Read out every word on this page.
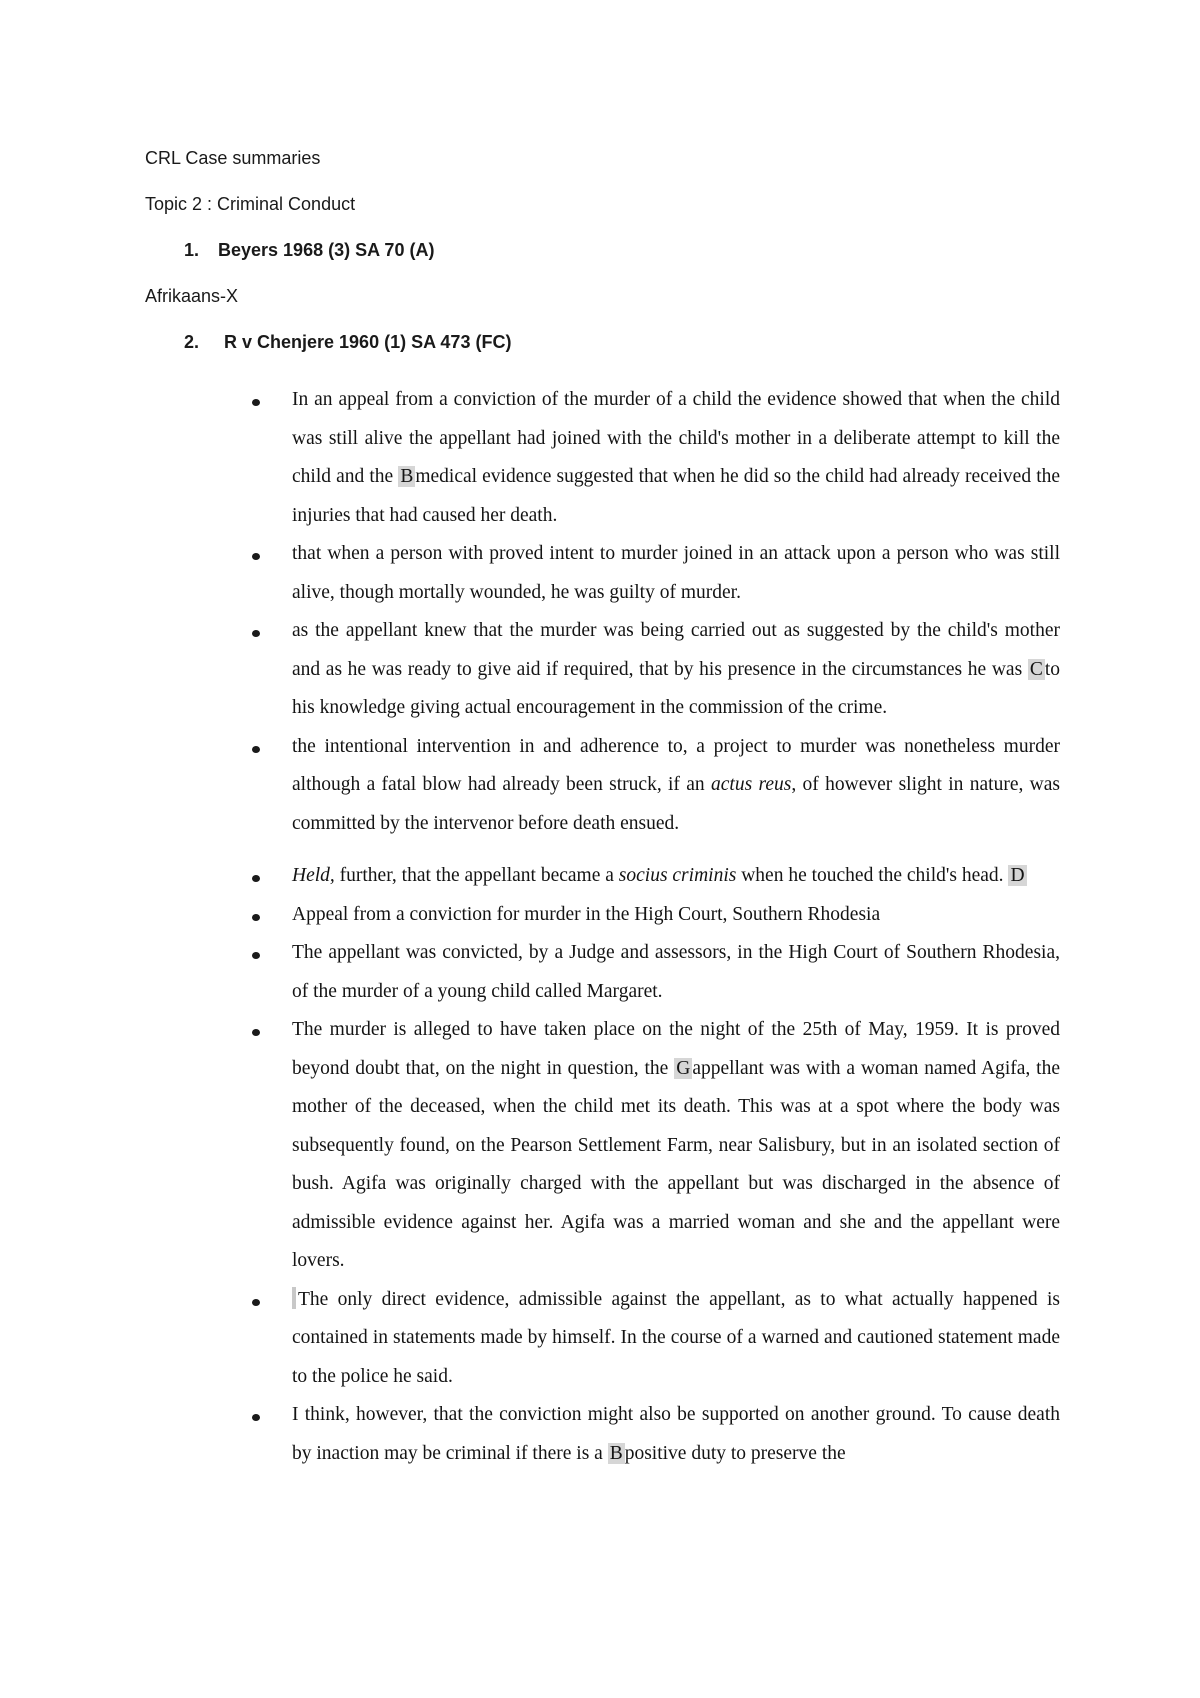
CRL Case summaries
Topic 2 : Criminal Conduct
1. Beyers 1968 (3) SA 70 (A)
Afrikaans-X
2. R v Chenjere 1960 (1) SA 473 (FC)
In an appeal from a conviction of the murder of a child the evidence showed that when the child was still alive the appellant had joined with the child's mother in a deliberate attempt to kill the child and the B medical evidence suggested that when he did so the child had already received the injuries that had caused her death.
that when a person with proved intent to murder joined in an attack upon a person who was still alive, though mortally wounded, he was guilty of murder.
as the appellant knew that the murder was being carried out as suggested by the child's mother and as he was ready to give aid if required, that by his presence in the circumstances he was C to his knowledge giving actual encouragement in the commission of the crime.
the intentional intervention in and adherence to, a project to murder was nonetheless murder although a fatal blow had already been struck, if an actus reus, of however slight in nature, was committed by the intervenor before death ensued.
Held, further, that the appellant became a socius criminis when he touched the child's head. D
Appeal from a conviction for murder in the High Court, Southern Rhodesia
The appellant was convicted, by a Judge and assessors, in the High Court of Southern Rhodesia, of the murder of a young child called Margaret.
The murder is alleged to have taken place on the night of the 25th of May, 1959. It is proved beyond doubt that, on the night in question, the G appellant was with a woman named Agifa, the mother of the deceased, when the child met its death. This was at a spot where the body was subsequently found, on the Pearson Settlement Farm, near Salisbury, but in an isolated section of bush. Agifa was originally charged with the appellant but was discharged in the absence of admissible evidence against her. Agifa was a married woman and she and the appellant were lovers.
The only direct evidence, admissible against the appellant, as to what actually happened is contained in statements made by himself. In the course of a warned and cautioned statement made to the police he said.
I think, however, that the conviction might also be supported on another ground. To cause death by inaction may be criminal if there is a B positive duty to preserve the
